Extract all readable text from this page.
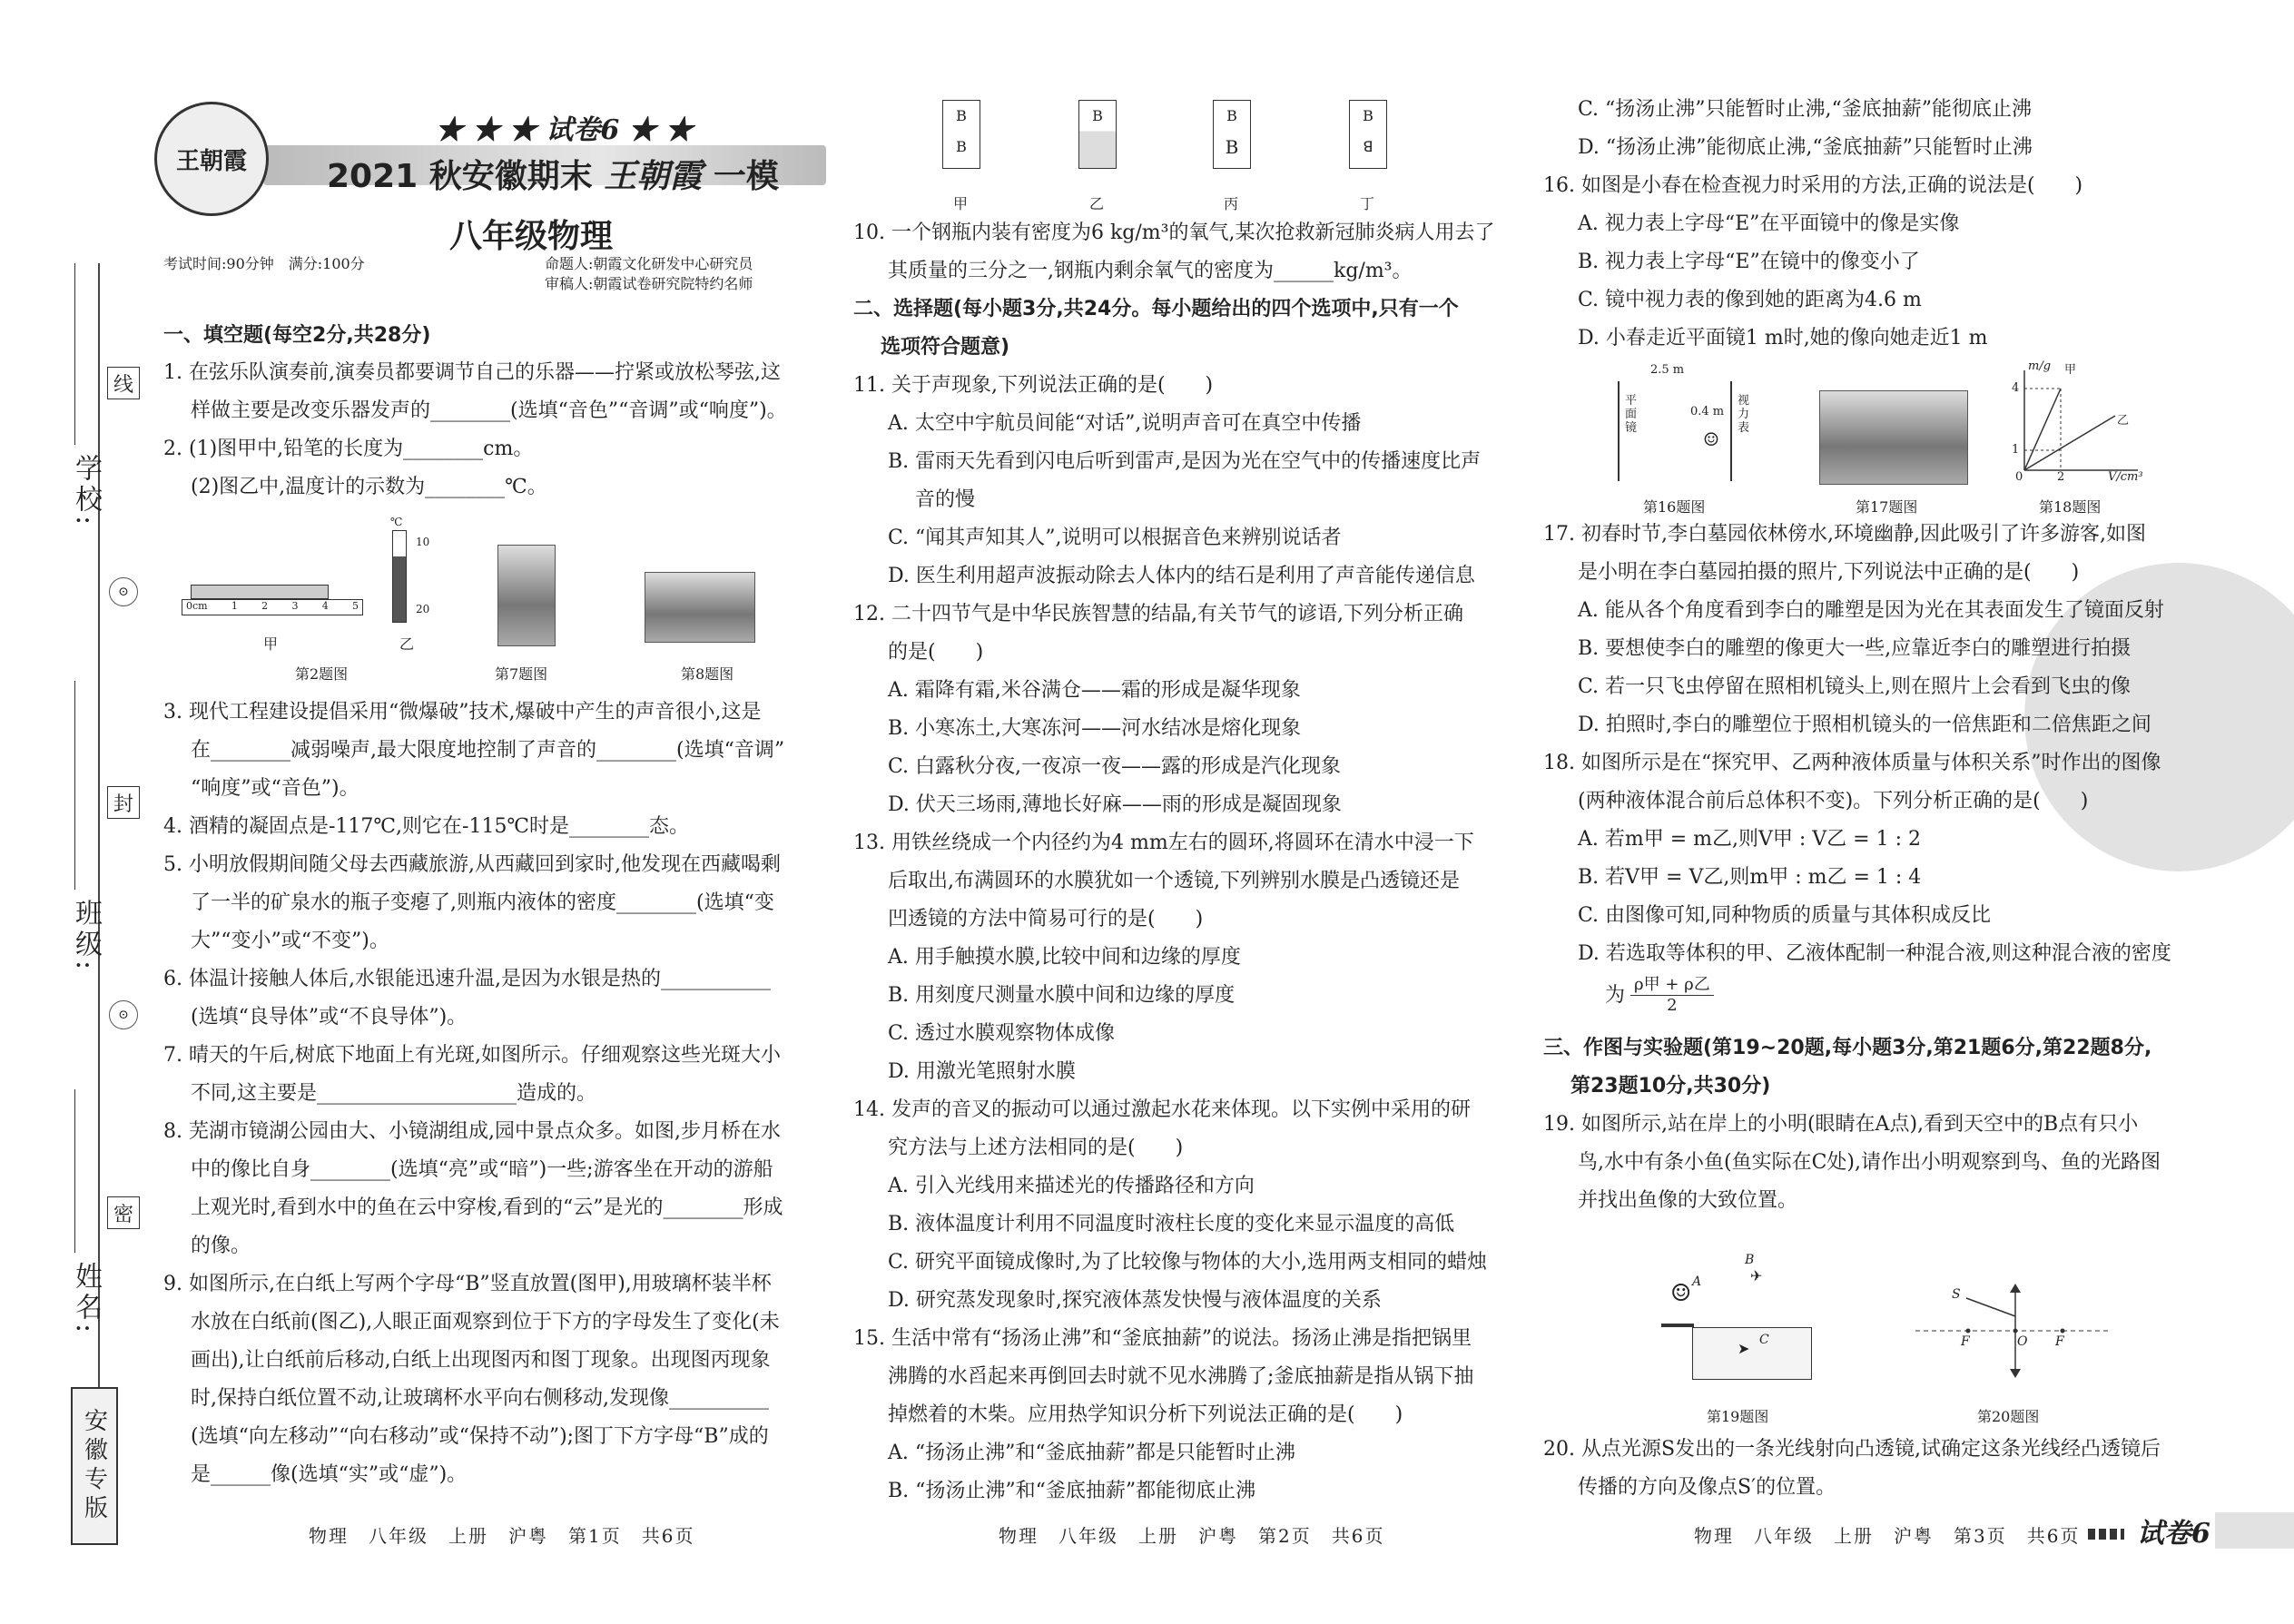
学校:
班级:
姓名:
线
封
密
⊙
⊙
安徽专版
王朝霞
★ ★ ★ 试卷6 ★ ★
2021 秋安徽期末 王朝霞 一模
八年级物理
考试时间:90分钟　满分:100分	命题人:朝霞文化研发中心研究员
审稿人:朝霞试卷研究院特约名师
一、填空题(每空2分,共28分)
1. 在弦乐队演奏前,演奏员都要调节自己的乐器——拧紧或放松琴弦,这
样做主要是改变乐器发声的________(选填“音色”“音调”或“响度”)。
2. (1)图甲中,铅笔的长度为________cm。
(2)图乙中,温度计的示数为________℃。
0cm 1 2 3 4 5
甲
℃
10
20
乙
第2题图	第7题图	第8题图
3. 现代工程建设提倡采用“微爆破”技术,爆破中产生的声音很小,这是
在________减弱噪声,最大限度地控制了声音的________(选填“音调”
“响度”或“音色”)。
4. 酒精的凝固点是-117℃,则它在-115℃时是________态。
5. 小明放假期间随父母去西藏旅游,从西藏回到家时,他发现在西藏喝剩
了一半的矿泉水的瓶子变瘪了,则瓶内液体的密度________(选填“变
大”“变小”或“不变”)。
6. 体温计接触人体后,水银能迅速升温,是因为水银是热的___________
(选填“良导体”或“不良导体”)。
7. 晴天的午后,树底下地面上有光斑,如图所示。仔细观察这些光斑大小
不同,这主要是____________________造成的。
8. 芜湖市镜湖公园由大、小镜湖组成,园中景点众多。如图,步月桥在水
中的像比自身________(选填“亮”或“暗”)一些;游客坐在开动的游船
上观光时,看到水中的鱼在云中穿梭,看到的“云”是光的________形成
的像。
9. 如图所示,在白纸上写两个字母“B”竖直放置(图甲),用玻璃杯装半杯
水放在白纸前(图乙),人眼正面观察到位于下方的字母发生了变化(未
画出),让白纸前后移动,白纸上出现图丙和图丁现象。出现图丙现象
时,保持白纸位置不动,让玻璃杯水平向右侧移动,发现像__________
(选填“向左移动”“向右移动”或“保持不动”);图丁下方字母“B”成的
是______像(选填“实”或“虚”)。
物理　八年级　上册　沪粤　第1页　共6页
B
B
B	B
B
B
ꓭ
甲	乙	丙	丁
10. 一个钢瓶内装有密度为6 kg/m³的氧气,某次抢救新冠肺炎病人用去了
其质量的三分之一,钢瓶内剩余氧气的密度为______kg/m³。
二、选择题(每小题3分,共24分。每小题给出的四个选项中,只有一个
选项符合题意)
11. 关于声现象,下列说法正确的是(　　)
A. 太空中宇航员间能“对话”,说明声音可在真空中传播
B. 雷雨天先看到闪电后听到雷声,是因为光在空气中的传播速度比声
音的慢
C. “闻其声知其人”,说明可以根据音色来辨别说话者
D. 医生利用超声波振动除去人体内的结石是利用了声音能传递信息
12. 二十四节气是中华民族智慧的结晶,有关节气的谚语,下列分析正确
的是(　　)
A. 霜降有霜,米谷满仓——霜的形成是凝华现象
B. 小寒冻土,大寒冻河——河水结冰是熔化现象
C. 白露秋分夜,一夜凉一夜——露的形成是汽化现象
D. 伏天三场雨,薄地长好麻——雨的形成是凝固现象
13. 用铁丝绕成一个内径约为4 mm左右的圆环,将圆环在清水中浸一下
后取出,布满圆环的水膜犹如一个透镜,下列辨别水膜是凸透镜还是
凹透镜的方法中简易可行的是(　　)
A. 用手触摸水膜,比较中间和边缘的厚度
B. 用刻度尺测量水膜中间和边缘的厚度
C. 透过水膜观察物体成像
D. 用激光笔照射水膜
14. 发声的音叉的振动可以通过激起水花来体现。以下实例中采用的研
究方法与上述方法相同的是(　　)
A. 引入光线用来描述光的传播路径和方向
B. 液体温度计利用不同温度时液柱长度的变化来显示温度的高低
C. 研究平面镜成像时,为了比较像与物体的大小,选用两支相同的蜡烛
D. 研究蒸发现象时,探究液体蒸发快慢与液体温度的关系
15. 生活中常有“扬汤止沸”和“釜底抽薪”的说法。扬汤止沸是指把锅里
沸腾的水舀起来再倒回去时就不见水沸腾了;釜底抽薪是指从锅下抽
掉燃着的木柴。应用热学知识分析下列说法正确的是(　　)
A. “扬汤止沸”和“釜底抽薪”都是只能暂时止沸
B. “扬汤止沸”和“釜底抽薪”都能彻底止沸
物理　八年级　上册　沪粤　第2页　共6页
C. “扬汤止沸”只能暂时止沸,“釜底抽薪”能彻底止沸
D. “扬汤止沸”能彻底止沸,“釜底抽薪”只能暂时止沸
16. 如图是小春在检查视力时采用的方法,正确的说法是(　　)
A. 视力表上字母“E”在平面镜中的像是实像
B. 视力表上字母“E”在镜中的像变小了
C. 镜中视力表的像到她的距离为4.6 m
D. 小春走近平面镜1 m时,她的像向她走近1 m
2.5 m
0.4 m
平面镜
视力表
☺
m/g 甲
乙
V/cm³
4
1
2
0
第16题图	第17题图	第18题图
17. 初春时节,李白墓园依林傍水,环境幽静,因此吸引了许多游客,如图
是小明在李白墓园拍摄的照片,下列说法中正确的是(　　)
A. 能从各个角度看到李白的雕塑是因为光在其表面发生了镜面反射
B. 要想使李白的雕塑的像更大一些,应靠近李白的雕塑进行拍摄
C. 若一只飞虫停留在照相机镜头上,则在照片上会看到飞虫的像
D. 拍照时,李白的雕塑位于照相机镜头的一倍焦距和二倍焦距之间
18. 如图所示是在“探究甲、乙两种液体质量与体积关系”时作出的图像
(两种液体混合前后总体积不变)。下列分析正确的是(　　)
A. 若m甲 = m乙,则V甲 : V乙 = 1 : 2
B. 若V甲 = V乙,则m甲 : m乙 = 1 : 4
C. 由图像可知,同种物质的质量与其体积成反比
D. 若选取等体积的甲、乙液体配制一种混合液,则这种混合液的密度
为 ρ甲 + ρ乙
2
三、作图与实验题(第19~20题,每小题3分,第21题6分,第22题8分,
第23题10分,共30分)
19. 如图所示,站在岸上的小明(眼睛在A点),看到天空中的B点有只小
鸟,水中有条小鱼(鱼实际在C处),请作出小明观察到鸟、鱼的光路图
并找出鱼像的大致位置。
☺ A
B
✈
C
➤
S
F	O F
第19题图	第20题图
20. 从点光源S发出的一条光线射向凸透镜,试确定这条光线经凸透镜后
传播的方向及像点S′的位置。
物理　八年级　上册　沪粤　第3页　共6页 试卷6
